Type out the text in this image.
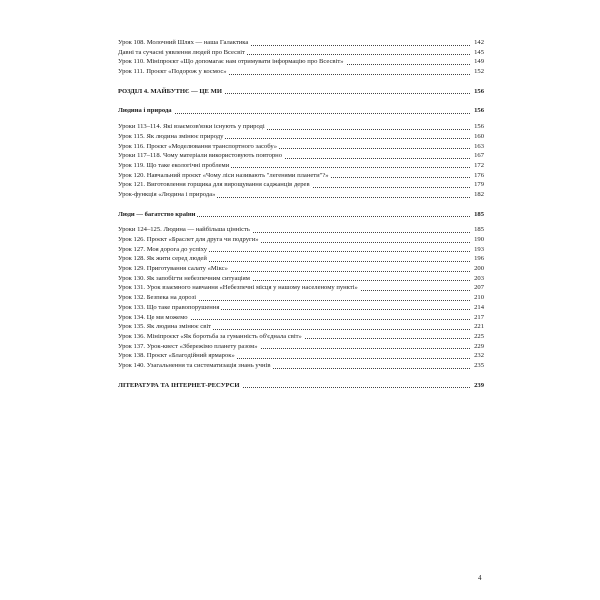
Урок 108. Молочний Шлях — наша Галактика	142
Давні та сучасні уявлення людей про Всесвіт	145
Урок 110. Мініпроєкт «Що допомагає нам отримувати інформацію про Всесвіт»	149
Урок 111. Проєкт «Подорож у космос»	152
РОЗДІЛ 4. МАЙБУТНЄ — ЦЕ МИ	156
Людина і природа	156
Уроки 113–114. Які взаємозв'язки існують у природі	156
Урок 115. Як людина змінює природу	160
Урок 116. Проєкт «Моделювання транспортного засобу»	163
Уроки 117–118. Чому матеріали використовують повторно	167
Урок 119. Що таке екологічні проблеми	172
Урок 120. Навчальний проєкт «Чому ліси називають "легенями планети"?»	176
Урок 121. Виготовлення горщика для вирощування саджанців дерев	179
Урок-функція «Людина і природа»	182
Люди — багатство країни	185
Уроки 124–125. Людина — найбільша цінність	185
Урок 126. Проєкт «Браслет для друга чи подруги»	190
Урок 127. Моя дорога до успіху	193
Урок 128. Як жити серед людей	196
Урок 129. Приготування салату «Мікс»	200
Урок 130. Як запобігти небезпечним ситуаціям	203
Урок 131. Урок взаємного навчання «Небезпечні місця у нашому населеному пункті»	207
Урок 132. Безпека на дорозі	210
Урок 133. Що таке правопорушення	214
Урок 134. Це ми можемо	217
Урок 135. Як людина змінює світ	221
Урок 136. Мініпроєкт «Як боротьба за гуманність об'єднала світ»	225
Урок 137. Урок-квест «Збережімо планету разом»	229
Урок 138. Проєкт «Благодійний ярмарок»	232
Урок 140. Узагальнення та систематизація знань учнів	235
ЛІТЕРАТУРА ТА ІНТЕРНЕТ-РЕСУРСИ	239
4
